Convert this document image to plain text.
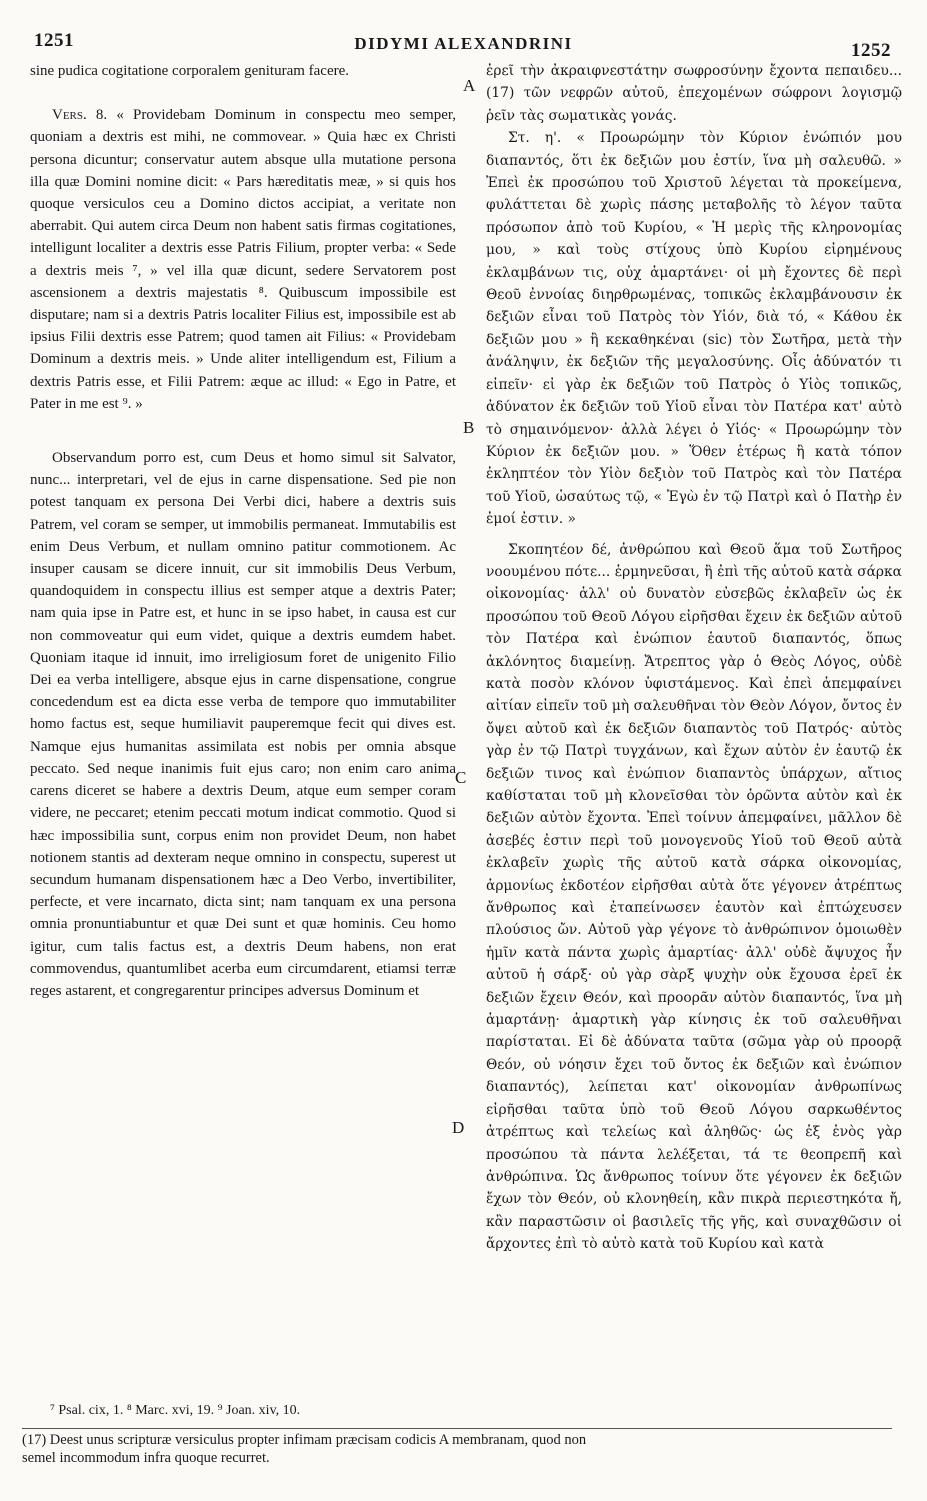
1251	DIDYMI ALEXANDRINI	1252

sine pudica cogitatione corporalem genituram facere.

Vers. 8. « Providebam Dominum in conspectu meo semper, quoniam a dextris est mihi, ne commovear. » Quia hæc ex Christi persona dicuntur; conservatur autem absque ulla mutatione persona illa quæ Domini nomine dicit: « Pars hæreditatis meæ, » si quis hos quoque versiculos ceu a Domino dictos accipiat, a veritate non aberrabit. Qui autem circa Deum non habent satis firmas cogitationes, intelligunt localiter a dextris esse Patris Filium, propter verba: « Sede a dextris meis ⁷, » vel illa quæ dicunt, sedere Servatorem post ascensionem a dextris majestatis ⁸. Quibuscum impossibile est disputare; nam si a dextris Patris localiter Filius est, impossibile est ab ipsius Filii dextris esse Patrem; quod tamen ait Filius: « Providebam Dominum a dextris meis. » Unde aliter intelligendum est, Filium a dextris Patris esse, et Filii Patrem: æque ac illud: « Ego in Patre, et Pater in me est ⁹. »

Observandum porro est, cum Deus et homo simul sit Salvator, nunc... interpretari, vel de ejus in carne dispensatione. Sed pie non potest tanquam ex persona Dei Verbi dici, habere a dextris suis Patrem, vel coram se semper, ut immobilis permaneat. Immutabilis est enim Deus Verbum, et nullam omnino patitur commotionem. Ac insuper causam se dicere innuit, cur sit immobilis Deus Verbum, quandoquidem in conspectu illius est semper atque a dextris Pater; nam quia ipse in Patre est, et hunc in se ipso habet, in causa est cur non commoveatur qui eum videt, quique a dextris eumdem habet. Quoniam itaque id innuit, imo irreligiosum foret de unigenito Filio Dei ea verba intelligere, absque ejus in carne dispensatione, congrue concedendum est ea dicta esse verba de tempore quo immutabiliter homo factus est, seque humiliavit pauperemque fecit qui dives est. Namque ejus humanitas assimilata est nobis per omnia absque peccato. Sed neque inanimis fuit ejus caro; non enim caro anima carens diceret se habere a dextris Deum, atque eum semper coram videre, ne peccaret; etenim peccati motum indicat commotio. Quod si hæc impossibilia sunt, corpus enim non providet Deum, non habet notionem stantis ad dexteram neque omnino in conspectu, superest ut secundum humanam dispensationem hæc a Deo Verbo, invertibiliter, perfecte, et vere incarnato, dicta sint; nam tanquam ex una persona omnia pronuntiabuntur et quæ Dei sunt et quæ hominis. Ceu homo igitur, cum talis factus est, a dextris Deum habens, non erat commovendus, quantumlibet acerba eum circumdarent, etiamsi terræ reges astarent, et congregarentur principes adversus Dominum et

A
B
C
D

ἐρεῖ τὴν ἀκραιφνεστάτην σωφροσύνην ἔχοντα πεπαιδευ... (17) τῶν νεφρῶν αὐτοῦ, ἐπεχομένων σώφρονι λογισμῷ ῥεῖν τὰς σωματικὰς γονάς.

Στ. η'. « Προωρώμην τὸν Κύριον ἐνώπιόν μου διαπαντός, ὅτι ἐκ δεξιῶν μου ἐστίν, ἵνα μὴ σαλευθῶ. » Ἐπεὶ ἐκ προσώπου τοῦ Χριστοῦ λέγεται τὰ προκείμενα, φυλάττεται δὲ χωρὶς πάσης μεταβολῆς τὸ λέγον ταῦτα πρόσωπον ἀπὸ τοῦ Κυρίου, « Ἡ μερὶς τῆς κληρονομίας μου, » καὶ τοὺς στίχους ὑπὸ Κυρίου εἰρημένους ἐκλαμβάνων τις, οὐχ ἁμαρτάνει· οἱ μὴ ἔχοντες δὲ περὶ Θεοῦ ἐννοίας διηρθρωμένας, τοπικῶς ἐκλαμβάνουσιν ἐκ δεξιῶν εἶναι τοῦ Πατρὸς τὸν Υἱόν, διὰ τό, « Κάθου ἐκ δεξιῶν μου » ἢ κεκαθηκέναι (sic) τὸν Σωτῆρα, μετὰ τὴν ἀνάληψιν, ἐκ δεξιῶν τῆς μεγαλοσύνης. Οἷς ἀδύνατόν τι εἰπεῖν· εἰ γὰρ ἐκ δεξιῶν τοῦ Πατρὸς ὁ Υἱὸς τοπικῶς, ἀδύνατον ἐκ δεξιῶν τοῦ Υἱοῦ εἶναι τὸν Πατέρα κατ' αὐτὸ τὸ σημαινόμενον· ἀλλὰ λέγει ὁ Υἱός· « Προωρώμην τὸν Κύριον ἐκ δεξιῶν μου. » Ὅθεν ἑτέρως ἢ κατὰ τόπον ἐκληπτέον τὸν Υἱὸν δεξιὸν τοῦ Πατρὸς καὶ τὸν Πατέρα τοῦ Υἱοῦ, ὡσαύτως τῷ, « Ἐγὼ ἐν τῷ Πατρὶ καὶ ὁ Πατὴρ ἐν ἐμοί ἐστιν. »

Σκοπητέον δέ, ἀνθρώπου καὶ Θεοῦ ἅμα τοῦ Σωτῆρος νοουμένου πότε... ἑρμηνεῦσαι, ἢ ἐπὶ τῆς αὐτοῦ κατὰ σάρκα οἰκονομίας· ἀλλ' οὐ δυνατὸν εὐσεβῶς ἐκλαβεῖν ὡς ἐκ προσώπου τοῦ Θεοῦ Λόγου εἰρῆσθαι ἔχειν ἐκ δεξιῶν αὐτοῦ τὸν Πατέρα καὶ ἐνώπιον ἑαυτοῦ διαπαντός, ὅπως ἀκλόνητος διαμείνῃ. Ἄτρεπτος γὰρ ὁ Θεὸς Λόγος, οὐδὲ κατὰ ποσὸν κλόνον ὑφιστάμενος. Καὶ ἐπεὶ ἀπεμφαίνει αἰτίαν εἰπεῖν τοῦ μὴ σαλευθῆναι τὸν Θεὸν Λόγον, ὄντος ἐν ὄψει αὐτοῦ καὶ ἐκ δεξιῶν διαπαντὸς τοῦ Πατρός· αὐτὸς γὰρ ἐν τῷ Πατρὶ τυγχάνων, καὶ ἔχων αὐτὸν ἐν ἑαυτῷ ἐκ δεξιῶν τινος καὶ ἐνώπιον διαπαντὸς ὑπάρχων, αἴτιος καθίσταται τοῦ μὴ κλονεῖσθαι τὸν ὁρῶντα αὐτὸν καὶ ἐκ δεξιῶν αὐτὸν ἔχοντα. Ἐπεὶ τοίνυν ἀπεμφαίνει, μᾶλλον δὲ ἀσεβές ἐστιν περὶ τοῦ μονογενοῦς Υἱοῦ τοῦ Θεοῦ αὐτὰ ἐκλαβεῖν χωρὶς τῆς αὐτοῦ κατὰ σάρκα οἰκονομίας, ἁρμονίως ἐκδοτέον εἰρῆσθαι αὐτὰ ὅτε γέγονεν ἀτρέπτως ἄνθρωπος καὶ ἐταπείνωσεν ἑαυτὸν καὶ ἐπτώχευσεν πλούσιος ὤν. Αὐτοῦ γὰρ γέγονε τὸ ἀνθρώπινον ὁμοιωθὲν ἡμῖν κατὰ πάντα χωρὶς ἁμαρτίας· ἀλλ' οὐδὲ ἄψυχος ἦν αὐτοῦ ἡ σάρξ· οὐ γὰρ σὰρξ ψυχὴν οὐκ ἔχουσα ἐρεῖ ἐκ δεξιῶν ἔχειν Θεόν, καὶ προορᾶν αὐτὸν διαπαντός, ἵνα μὴ ἁμαρτάνῃ· ἁμαρτικὴ γὰρ κίνησις ἐκ τοῦ σαλευθῆναι παρίσταται. Εἰ δὲ ἀδύνατα ταῦτα (σῶμα γὰρ οὐ προορᾷ Θεόν, οὐ νόησιν ἔχει τοῦ ὄντος ἐκ δεξιῶν καὶ ἐνώπιον διαπαντός), λείπεται κατ' οἰκονομίαν ἀνθρωπίνως εἰρῆσθαι ταῦτα ὑπὸ τοῦ Θεοῦ Λόγου σαρκωθέντος ἀτρέπτως καὶ τελείως καὶ ἀληθῶς· ὡς ἐξ ἑνὸς γὰρ προσώπου τὰ πάντα λελέξεται, τά τε θεοπρεπῆ καὶ ἀνθρώπινα. Ὡς ἄνθρωπος τοίνυν ὅτε γέγονεν ἐκ δεξιῶν ἔχων τὸν Θεόν, οὐ κλονηθείη, κἂν πικρὰ περιεστηκότα ἤ, κἂν παραστῶσιν οἱ βασιλεῖς τῆς γῆς, καὶ συναχθῶσιν οἱ ἄρχοντες ἐπὶ τὸ αὐτὸ κατὰ τοῦ Κυρίου καὶ κατὰ

⁷ Psal. cix, 1. ⁸ Marc. xvi, 19. ⁹ Joan. xiv, 10.
(17) Deest unus scripturæ versiculus propter infimam præcisam codicis A membranam, quod non
semel incommodum infra quoque recurret.
